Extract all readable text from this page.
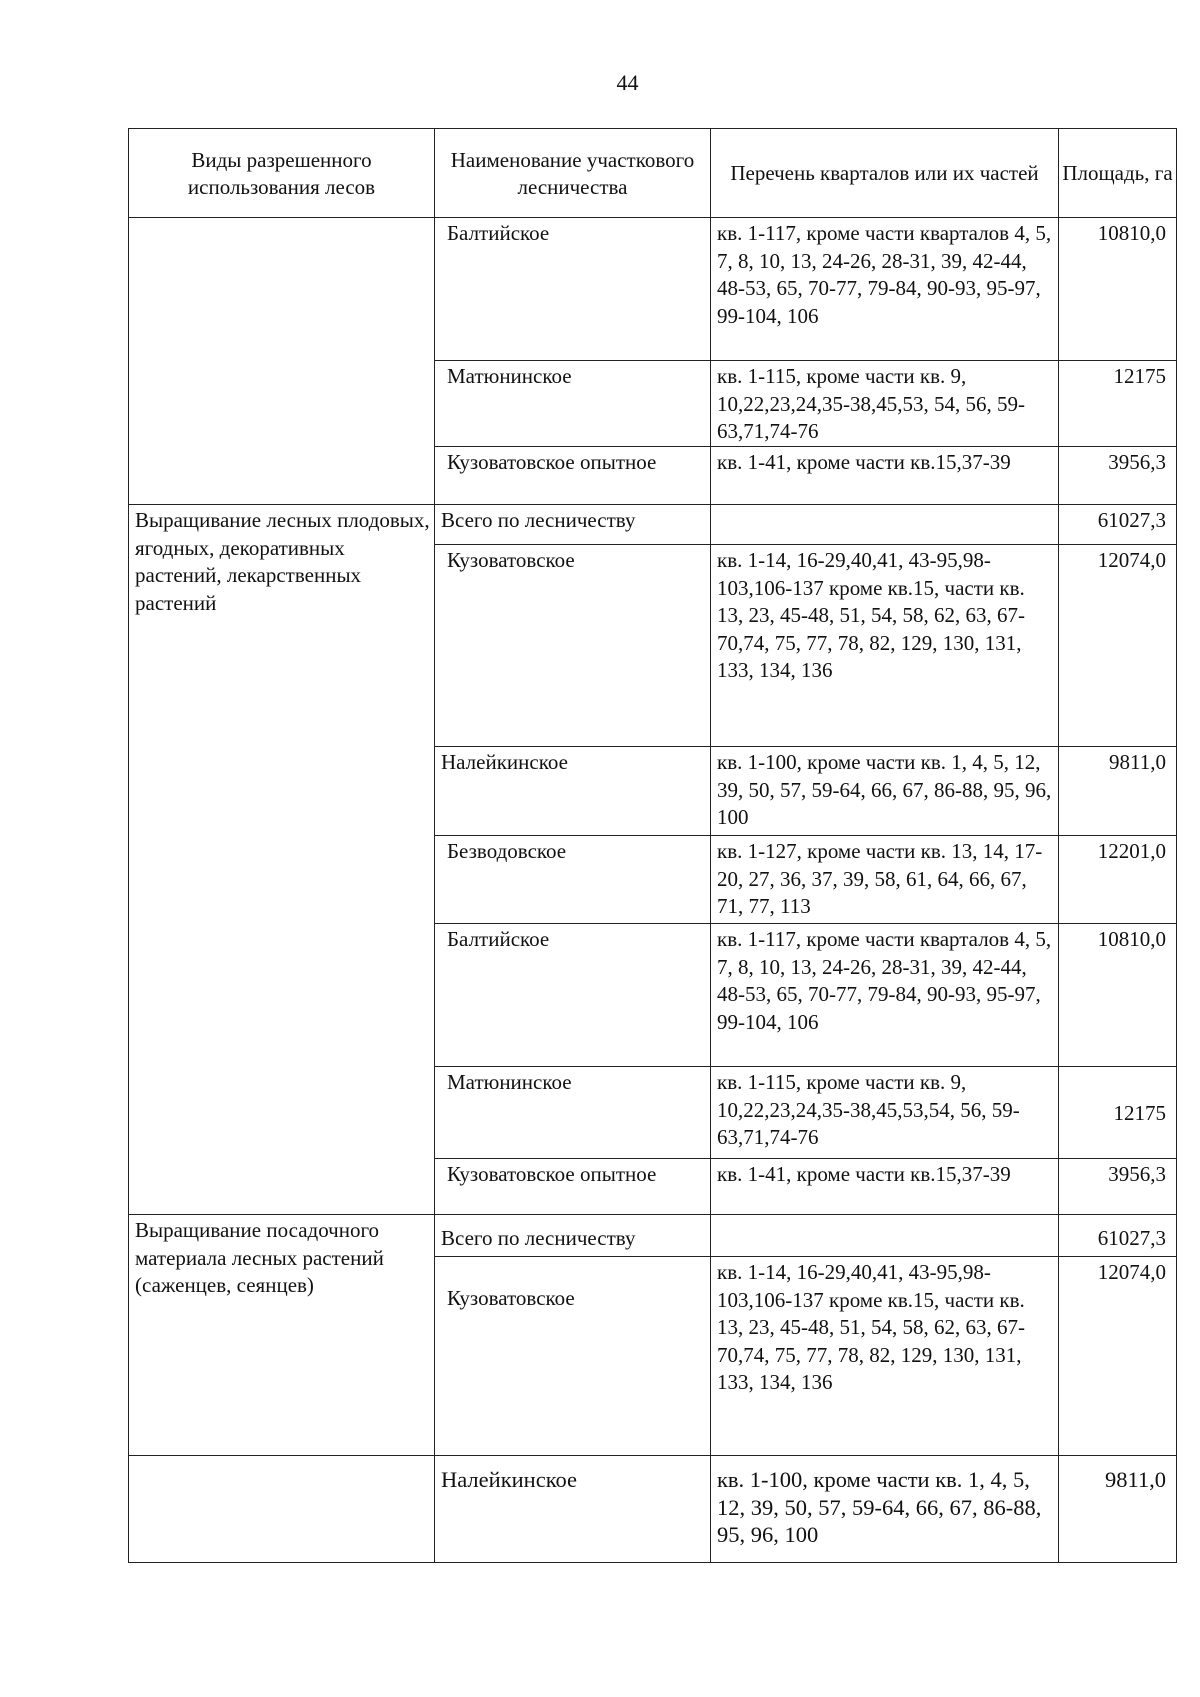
44
Виды разрешенного использования лесов	Наименование участкового лесничества	Перечень кварталов или их частей	Площадь, га
	Балтийское	кв. 1-117, кроме части кварталов 4, 5, 7, 8, 10, 13, 24-26, 28-31, 39, 42-44, 48-53, 65, 70-77, 79-84, 90-93, 95-97, 99-104, 106	10810,0
	Матюнинское	кв. 1-115, кроме части кв. 9, 10,22,23,24,35-38,45,53, 54, 56, 59-63,71,74-76	12175
	Кузоватовское опытное	кв. 1-41, кроме части кв.15,37-39	3956,3
Выращивание лесных плодовых, ягодных, декоративных растений, лекарственных растений	Всего по лесничеству		61027,3
	Кузоватовское	кв. 1-14, 16-29,40,41, 43-95,98-103,106-137 кроме кв.15, части кв. 13, 23, 45-48, 51, 54, 58, 62, 63, 67-70,74, 75, 77, 78, 82, 129, 130, 131, 133, 134, 136	12074,0
	Налейкинское	кв. 1-100, кроме части кв. 1, 4, 5, 12, 39, 50, 57, 59-64, 66, 67, 86-88, 95, 96, 100	9811,0
	Безводовское	кв. 1-127, кроме части кв. 13, 14, 17-20, 27, 36, 37, 39, 58, 61, 64, 66, 67, 71, 77, 113	12201,0
	Балтийское	кв. 1-117, кроме части кварталов 4, 5, 7, 8, 10, 13, 24-26, 28-31, 39, 42-44, 48-53, 65, 70-77, 79-84, 90-93, 95-97, 99-104, 106	10810,0
	Матюнинское	кв. 1-115, кроме части кв. 9, 10,22,23,24,35-38,45,53,54, 56, 59-63,71,74-76	12175
	Кузоватовское опытное	кв. 1-41, кроме части кв.15,37-39	3956,3
Выращивание посадочного материала лесных растений (саженцев, сеянцев)	Всего по лесничеству		61027,3
	Кузоватовское	кв. 1-14, 16-29,40,41, 43-95,98-103,106-137 кроме кв.15, части кв. 13, 23, 45-48, 51, 54, 58, 62, 63, 67-70,74, 75, 77, 78, 82, 129, 130, 131, 133, 134, 136	12074,0
	Налейкинское	кв. 1-100, кроме части кв. 1, 4, 5, 12, 39, 50, 57, 59-64, 66, 67, 86-88, 95, 96, 100	9811,0
